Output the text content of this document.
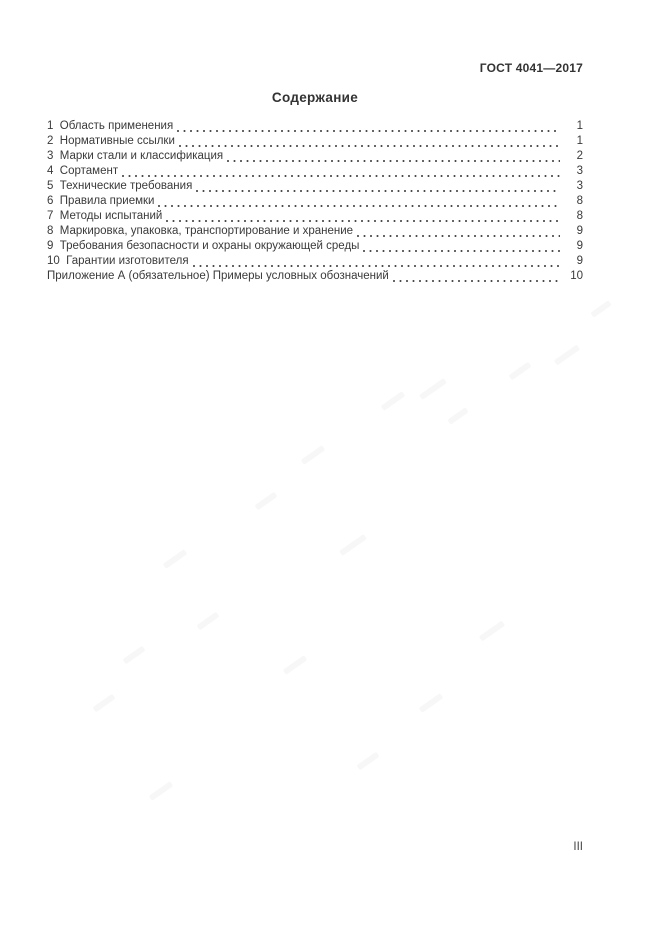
ГОСТ 4041—2017
Содержание
1  Область применения	1
2  Нормативные ссылки	1
3  Марки стали и классификация	2
4  Сортамент	3
5  Технические требования	3
6  Правила приемки	8
7  Методы испытаний	8
8  Маркировка, упаковка, транспортирование и хранение	9
9  Требования безопасности и охраны окружающей среды	9
10  Гарантии изготовителя	9
Приложение А (обязательное) Примеры условных обозначений	10
III
